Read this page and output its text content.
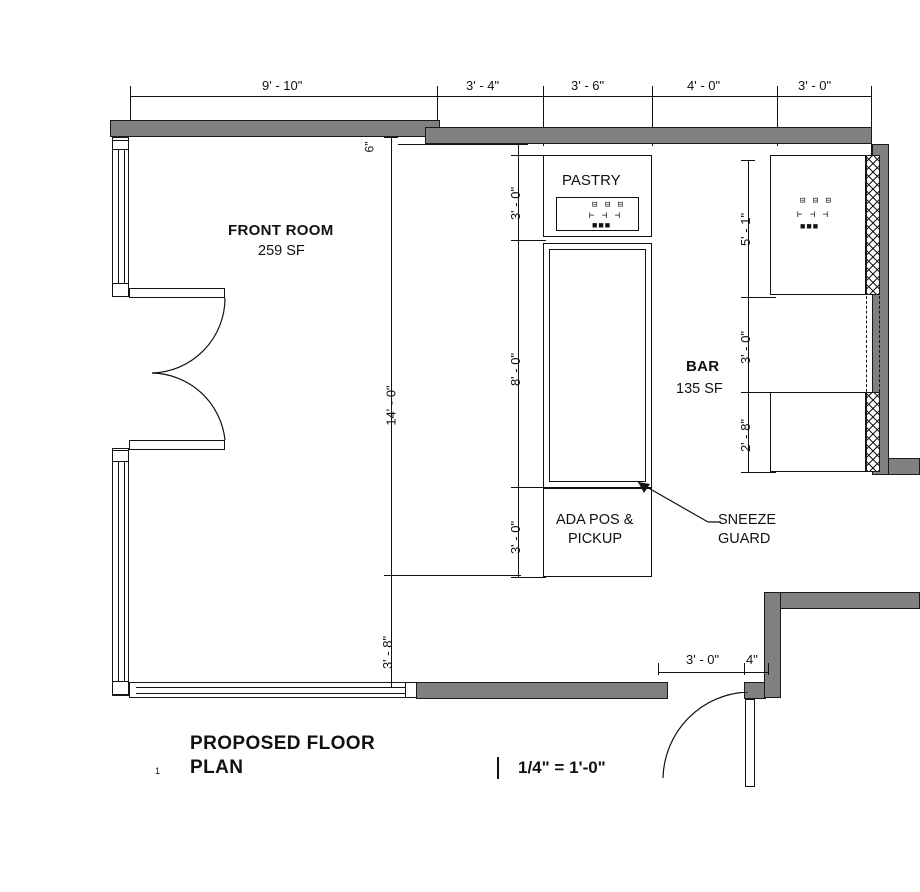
9' - 10"	3' - 4"	3' - 6"	4' - 0"	3' - 0"
⊟ ⊟ ⊟
⊢ ⊣ ⊣
■■■
PASTRY
ADA POS &
PICKUP
SNEEZE
GUARD
⊟ ⊟ ⊟
⊢ ⊣ ⊣
■■■
FRONT ROOM
259 SF
BAR
135 SF
14' - 0"
3' - 8"
6"
3' - 0"
8' - 0"
3' - 0"
5' - 1"
3' - 0"
2' - 8"
3' - 0" 4"
1
PROPOSED FLOOR
PLAN	1/4" = 1'-0"
